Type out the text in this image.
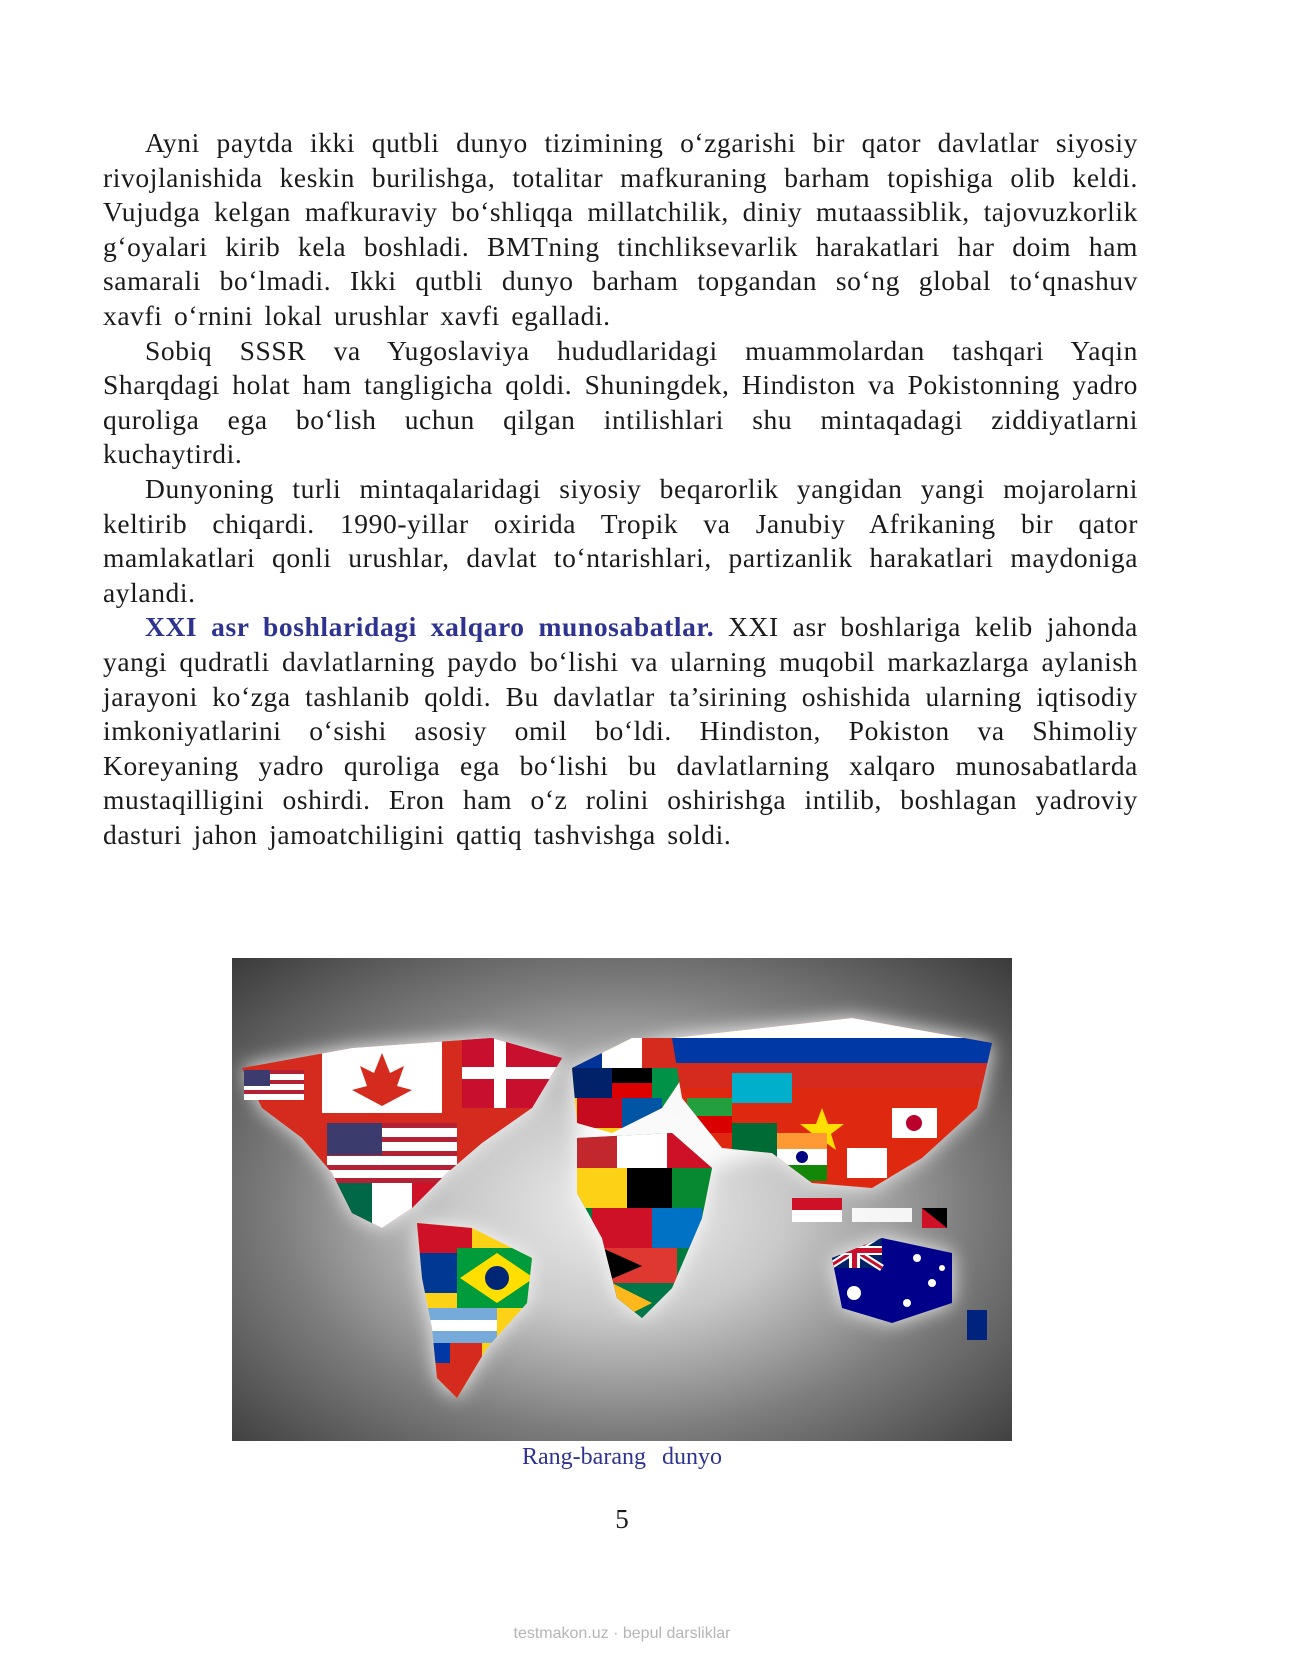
Ayni paytda ikki qutbli dunyo tizimining o‘zgarishi bir qator davlatlar siyosiy rivojlanishida keskin burilishga, totalitar mafkuraning barham topishiga olib keldi. Vujudga kelgan mafkuraviy bo‘shliqqa millatchilik, diniy mutaassiblik, tajovuzkorlik g‘oyalari kirib kela boshladi. BMTning tinchliksevarlik harakatlari har doim ham samarali bo‘lmadi. Ikki qutbli dunyo barham topgandan so‘ng global to‘qnashuv xavfi o‘rnini lokal urushlar xavfi egalladi.

Sobiq SSSR va Yugoslaviya hududlaridagi muammolardan tashqari Yaqin Sharqdagi holat ham tangligicha qoldi. Shuningdek, Hindiston va Pokistonning yadro quroliga ega bo‘lish uchun qilgan intilishlari shu mintaqadagi ziddiyatlarni kuchaytirdi.

Dunyoning turli mintaqalaridagi siyosiy beqarorlik yangidan yangi mojarolarni keltirib chiqardi. 1990-yillar oxirida Tropik va Janubiy Afrikaning bir qator mamlakatlari qonli urushlar, davlat to‘ntarishlari, partizanlik harakatlari maydoniga aylandi.

XXI asr boshlaridagi xalqaro munosabatlar. XXI asr boshlariga kelib jahonda yangi qudratli davlatlarning paydo bo‘lishi va ularning muqobil markazlarga aylanish jarayoni ko‘zga tashlanib qoldi. Bu davlatlar ta’sirining oshishida ularning iqtisodiy imkoniyatlarini o‘sishi asosiy omil bo‘ldi. Hindiston, Pokiston va Shimoliy Koreyaning yadro quroliga ega bo‘lishi bu davlatlarning xalqaro munosabatlarda mustaqilligini oshirdi. Eron ham o‘z rolini oshirishga intilib, boshlagan yadroviy dasturi jahon jamoatchiligini qattiq tashvishga soldi.

Rang-barang dunyo
5
testmakon.uz · bepul darsliklar
